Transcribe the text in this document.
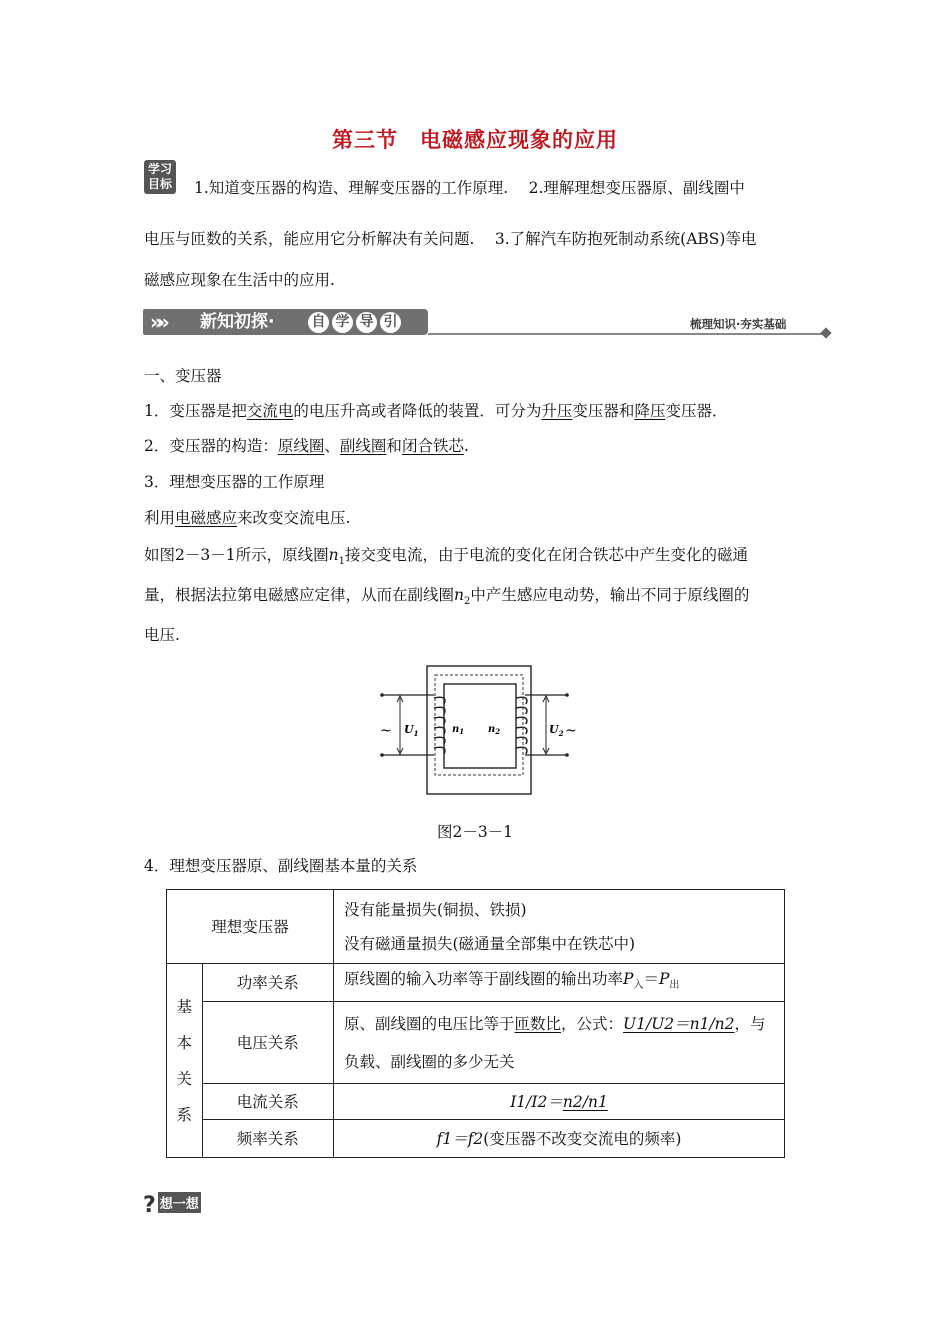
第三节 电磁感应现象的应用
学习
目标 1.知道变压器的构造、理解变压器的工作原理.　 2.理解理想变压器原、副线圈中
电压与匝数的关系，能应用它分析解决有关问题.　 3.了解汽车防抱死制动系统(ABS)等电
磁感应现象在生活中的应用.
»» 新知初探·	自 学 导 引	梳理知识·夯实基础
一、变压器
1．变压器是把交流电的电压升高或者降低的装置．可分为升压变压器和降压变压器．
2．变压器的构造：原线圈、副线圈和闭合铁芯.
3．理想变压器的工作原理
利用电磁感应来改变交流电压.
如图2－3－1所示，原线圈$n_1$接交变电流，由于电流的变化在闭合铁芯中产生变化的磁通
量，根据法拉第电磁感应定律，从而在副线圈$n_2$中产生感应电动势，输出不同于原线圈的
电压.
~ $U_1$	$n_1$ $n_2$	$U_2$ ~
图2－3－1
4．理想变压器原、副线圈基本量的关系
理想变压器		没有能量损失(铜损、铁损)
没有磁通量损失(磁通量全部集中在铁芯中)

基
本
关
系	功率关系	原线圈的输入功率等于副线圈的输出功率$P_入=P_出$
	电压关系	原、副线圈的电压比等于匝数比，公式：U1/U2＝n1/n2，与
负载、副线圈的多少无关

	电流关系	I1/I2＝n2/n1
	频率关系	f1＝f2(变压器不改变交流电的频率)
? 想一想
